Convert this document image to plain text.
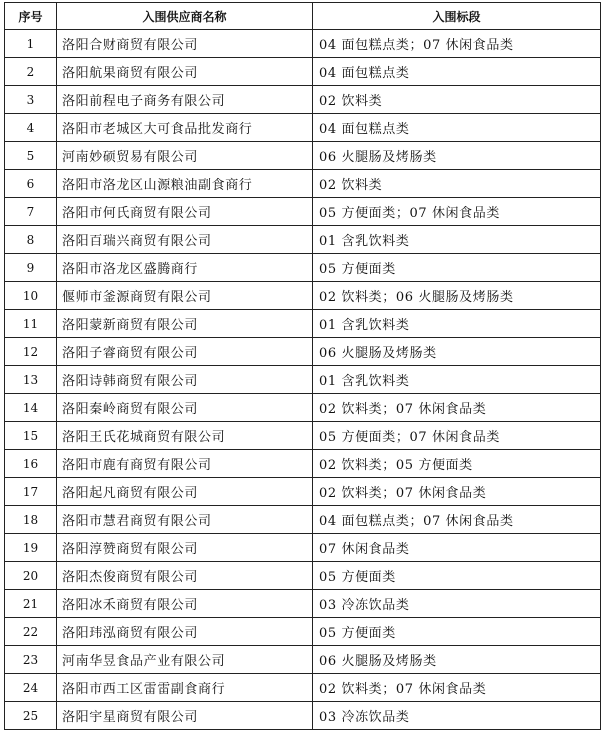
序号	入围供应商名称	入围标段
1	洛阳合财商贸有限公司	04 面包糕点类；07 休闲食品类
2	洛阳航果商贸有限公司	04 面包糕点类
3	洛阳前程电子商务有限公司	02 饮料类
4	洛阳市老城区大可食品批发商行	04 面包糕点类
5	河南妙硕贸易有限公司	06 火腿肠及烤肠类
6	洛阳市洛龙区山源粮油副食商行	02 饮料类
7	洛阳市何氏商贸有限公司	05 方便面类；07 休闲食品类
8	洛阳百瑞兴商贸有限公司	01 含乳饮料类
9	洛阳市洛龙区盛腾商行	05 方便面类
10	偃师市釜源商贸有限公司	02 饮料类；06 火腿肠及烤肠类
11	洛阳蒙新商贸有限公司	01 含乳饮料类
12	洛阳子睿商贸有限公司	06 火腿肠及烤肠类
13	洛阳诗韩商贸有限公司	01 含乳饮料类
14	洛阳秦岭商贸有限公司	02 饮料类；07 休闲食品类
15	洛阳王氏花城商贸有限公司	05 方便面类；07 休闲食品类
16	洛阳市鹿有商贸有限公司	02 饮料类；05 方便面类
17	洛阳起凡商贸有限公司	02 饮料类；07 休闲食品类
18	洛阳市慧君商贸有限公司	04 面包糕点类；07 休闲食品类
19	洛阳淳赞商贸有限公司	07 休闲食品类
20	洛阳杰俊商贸有限公司	05 方便面类
21	洛阳冰禾商贸有限公司	03 冷冻饮品类
22	洛阳玮泓商贸有限公司	05 方便面类
23	河南华昱食品产业有限公司	06 火腿肠及烤肠类
24	洛阳市西工区雷雷副食商行	02 饮料类；07 休闲食品类
25	洛阳宇星商贸有限公司	03 冷冻饮品类
